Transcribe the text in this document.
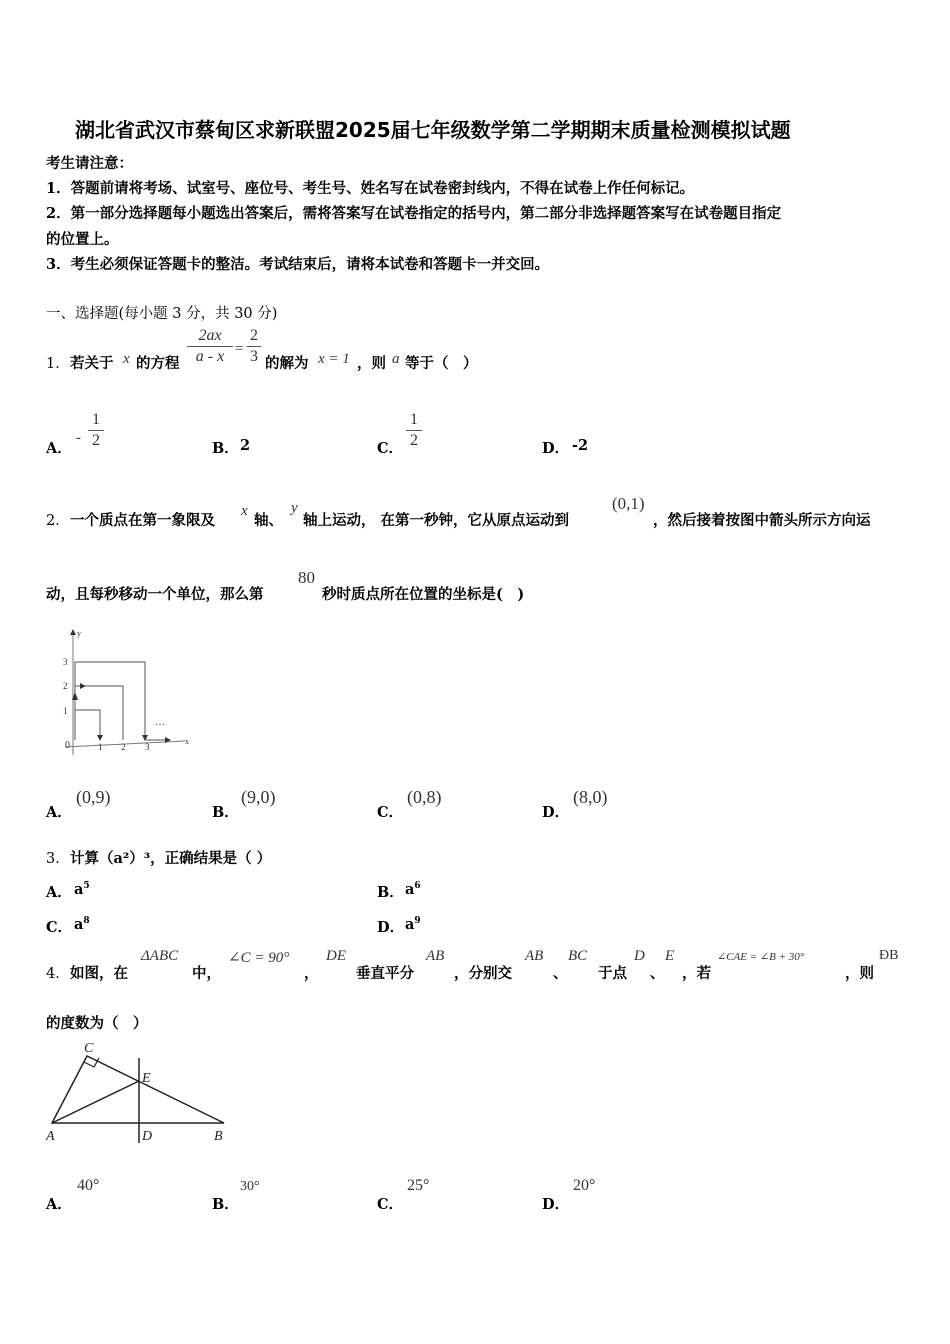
湖北省武汉市蔡甸区求新联盟2025届七年级数学第二学期期末质量检测模拟试题
考生请注意：
1．答题前请将考场、试室号、座位号、考生号、姓名写在试卷密封线内，不得在试卷上作任何标记。
2．第一部分选择题每小题选出答案后，需将答案写在试卷指定的括号内，第二部分非选择题答案写在试卷题目指定
的位置上。
3．考生必须保证答题卡的整洁。考试结束后，请将本试卷和答题卡一并交回。
一、选择题(每小题 3 分，共 30 分)
1． 若关于 x 的方程 $\frac{2ax}{a - x} = \frac{2}{3}$ 的解为 x = 1 ，则 a 等于（　）
A．
- $\frac{1}{2}$	B． 2	C． $\frac{1}{2}$	D． -2
2． 一个质点在第一象限及
x
轴、
y
轴上运动， 在第一秒钟，它从原点运动到
(0,1)
，然后接着按图中箭头所示方向运
动，且每秒移动一个单位，那么第
80
秒时质点所在位置的坐标是(　)
y
x
0
1
2
3
1 2 3
…
A．
(0,9)
B．
(9,0)
C．
(0,8)
D．
(8,0)
3． 计算（a²）³，正确结果是（ ）
A． $a^5$	B． $a^6$
C． $a^8$	D． $a^9$
4． 如图，在
ΔABC
中，
∠C = 90°
，
DE
垂直平分
AB
，分别交
AB
、
BC
于点
D
、
E
，若
∠CAE = ∠B + 30°
，则
ÐB
的度数为（　）
C
E
A	D	B
A．
40°
B．
30°
C．
25°
D．
20°
